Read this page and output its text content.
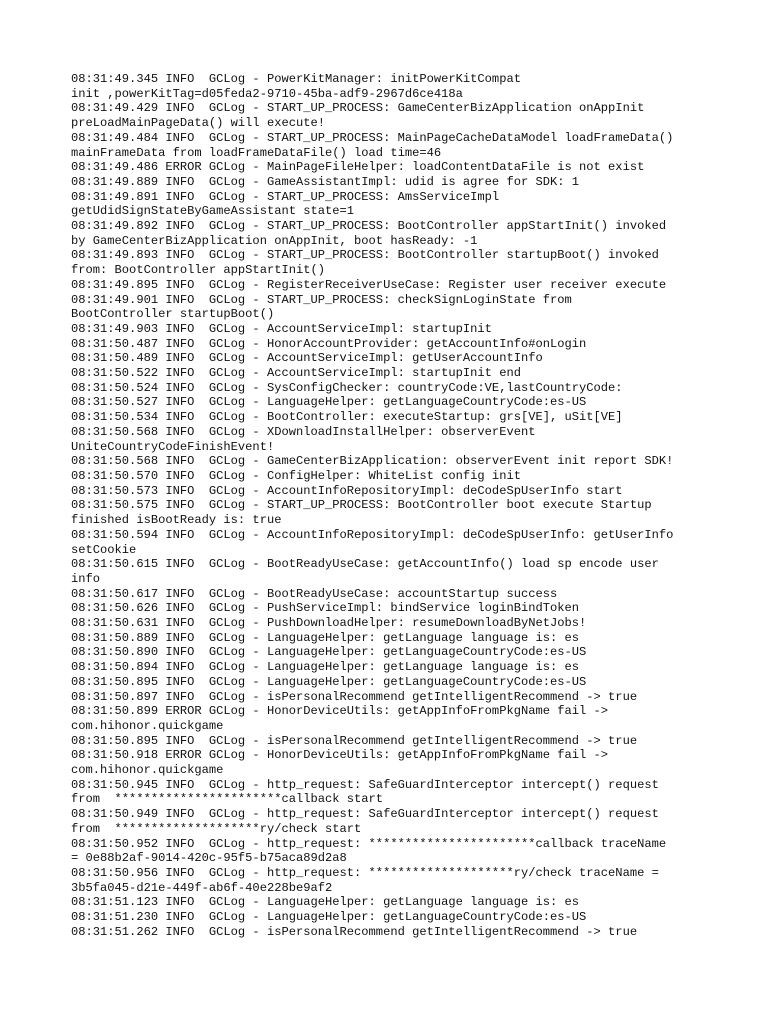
08:31:49.345 INFO  GCLog - PowerKitManager: initPowerKitCompat
init ,powerKitTag=d05feda2-9710-45ba-adf9-2967d6ce418a
08:31:49.429 INFO  GCLog - START_UP_PROCESS: GameCenterBizApplication onAppInit
preLoadMainPageData() will execute!
08:31:49.484 INFO  GCLog - START_UP_PROCESS: MainPageCacheDataModel loadFrameData()
mainFrameData from loadFrameDataFile() load time=46
08:31:49.486 ERROR GCLog - MainPageFileHelper: loadContentDataFile is not exist
08:31:49.889 INFO  GCLog - GameAssistantImpl: udid is agree for SDK: 1
08:31:49.891 INFO  GCLog - START_UP_PROCESS: AmsServiceImpl
getUdidSignStateByGameAssistant state=1
08:31:49.892 INFO  GCLog - START_UP_PROCESS: BootController appStartInit() invoked
by GameCenterBizApplication onAppInit, boot hasReady: -1
08:31:49.893 INFO  GCLog - START_UP_PROCESS: BootController startupBoot() invoked
from: BootController appStartInit()
08:31:49.895 INFO  GCLog - RegisterReceiverUseCase: Register user receiver execute
08:31:49.901 INFO  GCLog - START_UP_PROCESS: checkSignLoginState from
BootController startupBoot()
08:31:49.903 INFO  GCLog - AccountServiceImpl: startupInit
08:31:50.487 INFO  GCLog - HonorAccountProvider: getAccountInfo#onLogin
08:31:50.489 INFO  GCLog - AccountServiceImpl: getUserAccountInfo
08:31:50.522 INFO  GCLog - AccountServiceImpl: startupInit end
08:31:50.524 INFO  GCLog - SysConfigChecker: countryCode:VE,lastCountryCode:
08:31:50.527 INFO  GCLog - LanguageHelper: getLanguageCountryCode:es-US
08:31:50.534 INFO  GCLog - BootController: executeStartup: grs[VE], uSit[VE]
08:31:50.568 INFO  GCLog - XDownloadInstallHelper: observerEvent
UniteCountryCodeFinishEvent!
08:31:50.568 INFO  GCLog - GameCenterBizApplication: observerEvent init report SDK!
08:31:50.570 INFO  GCLog - ConfigHelper: WhiteList config init
08:31:50.573 INFO  GCLog - AccountInfoRepositoryImpl: deCodeSpUserInfo start
08:31:50.575 INFO  GCLog - START_UP_PROCESS: BootController boot execute Startup
finished isBootReady is: true
08:31:50.594 INFO  GCLog - AccountInfoRepositoryImpl: deCodeSpUserInfo: getUserInfo
setCookie
08:31:50.615 INFO  GCLog - BootReadyUseCase: getAccountInfo() load sp encode user
info
08:31:50.617 INFO  GCLog - BootReadyUseCase: accountStartup success
08:31:50.626 INFO  GCLog - PushServiceImpl: bindService loginBindToken
08:31:50.631 INFO  GCLog - PushDownloadHelper: resumeDownloadByNetJobs!
08:31:50.889 INFO  GCLog - LanguageHelper: getLanguage language is: es
08:31:50.890 INFO  GCLog - LanguageHelper: getLanguageCountryCode:es-US
08:31:50.894 INFO  GCLog - LanguageHelper: getLanguage language is: es
08:31:50.895 INFO  GCLog - LanguageHelper: getLanguageCountryCode:es-US
08:31:50.897 INFO  GCLog - isPersonalRecommend getIntelligentRecommend -> true
08:31:50.899 ERROR GCLog - HonorDeviceUtils: getAppInfoFromPkgName fail ->
com.hihonor.quickgame
08:31:50.895 INFO  GCLog - isPersonalRecommend getIntelligentRecommend -> true
08:31:50.918 ERROR GCLog - HonorDeviceUtils: getAppInfoFromPkgName fail ->
com.hihonor.quickgame
08:31:50.945 INFO  GCLog - http_request: SafeGuardInterceptor intercept() request
from  ***********************callback start
08:31:50.949 INFO  GCLog - http_request: SafeGuardInterceptor intercept() request
from  ********************ry/check start
08:31:50.952 INFO  GCLog - http_request: ***********************callback traceName
= 0e88b2af-9014-420c-95f5-b75aca89d2a8
08:31:50.956 INFO  GCLog - http_request: ********************ry/check traceName =
3b5fa045-d21e-449f-ab6f-40e228be9af2
08:31:51.123 INFO  GCLog - LanguageHelper: getLanguage language is: es
08:31:51.230 INFO  GCLog - LanguageHelper: getLanguageCountryCode:es-US
08:31:51.262 INFO  GCLog - isPersonalRecommend getIntelligentRecommend -> true
